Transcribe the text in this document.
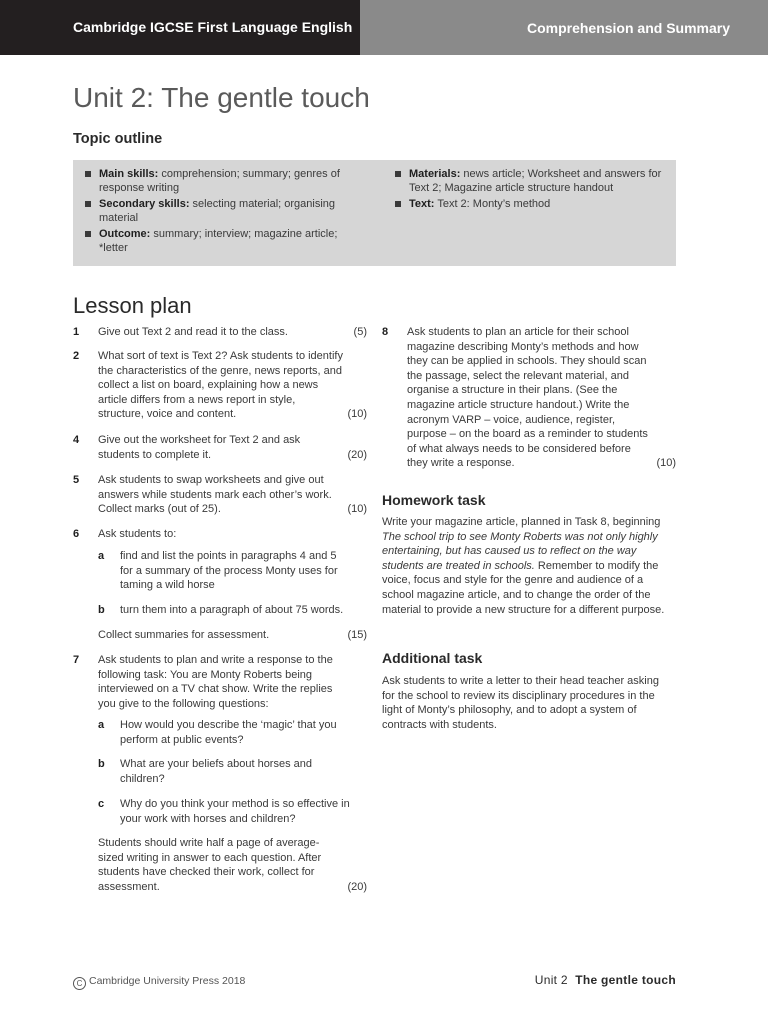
Cambridge IGCSE First Language English	Comprehension and Summary
Unit 2: The gentle touch
Topic outline
Main skills: comprehension; summary; genres of response writing
Secondary skills: selecting material; organising material
Outcome: summary; interview; magazine article; *letter
Materials: news article; Worksheet and answers for Text 2; Magazine article structure handout
Text: Text 2: Monty’s method
Lesson plan
1 Give out Text 2 and read it to the class.	(5)
2 What sort of text is Text 2? Ask students to identify the characteristics of the genre, news reports, and collect a list on board, explaining how a news article differs from a news report in style, structure, voice and content.	(10)
4 Give out the worksheet for Text 2 and ask students to complete it.	(20)
5 Ask students to swap worksheets and give out answers while students mark each other’s work. Collect marks (out of 25).	(10)
6 Ask students to:
a find and list the points in paragraphs 4 and 5 for a summary of the process Monty uses for taming a wild horse
b turn them into a paragraph of about 75 words.
Collect summaries for assessment.	(15)
7 Ask students to plan and write a response to the following task: You are Monty Roberts being interviewed on a TV chat show. Write the replies you give to the following questions:
a How would you describe the ‘magic’ that you perform at public events?
b What are your beliefs about horses and children?
c Why do you think your method is so effective in your work with horses and children?
Students should write half a page of average-sized writing in answer to each question. After students have checked their work, collect for assessment.	(20)
8 Ask students to plan an article for their school magazine describing Monty’s methods and how they can be applied in schools. They should scan the passage, select the relevant material, and organise a structure in their plans. (See the magazine article structure handout.) Write the acronym VARP – voice, audience, register, purpose – on the board as a reminder to students of what always needs to be considered before they write a response.	(10)
Homework task

Write your magazine article, planned in Task 8, beginning The school trip to see Monty Roberts was not only highly entertaining, but has caused us to reflect on the way students are treated in schools. Remember to modify the voice, focus and style for the genre and audience of a school magazine article, and to change the order of the material to provide a new structure for a different purpose.

Additional task

Ask students to write a letter to their head teacher asking for the school to review its disciplinary procedures in the light of Monty’s philosophy, and to adopt a system of contracts with students.

C Cambridge University Press 2018	Unit 2 The gentle touch
